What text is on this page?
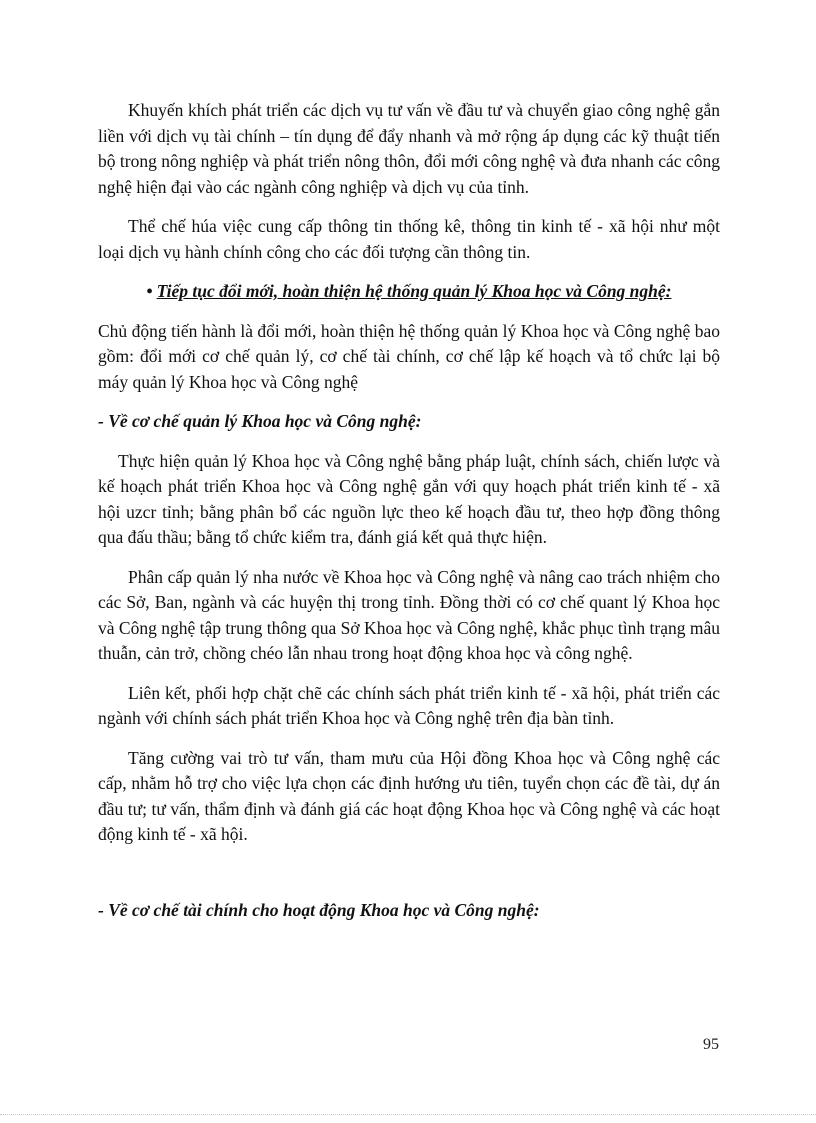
Khuyến khích phát triển các dịch vụ tư vấn về đầu tư và chuyển giao công nghệ gắn liền với dịch vụ tài chính – tín dụng để đẩy nhanh và mở rộng áp dụng các kỹ thuật tiến bộ trong nông nghiệp và phát triển nông thôn, đổi mới công nghệ và đưa nhanh các công nghệ hiện đại vào các ngành công nghiệp và dịch vụ của tỉnh.

Thể chế húa việc cung cấp thông tin thống kê, thông tin kinh tế - xã hội như một loại dịch vụ hành chính công cho các đối tượng cần thông tin.

• Tiếp tục đổi mới, hoàn thiện hệ thống quản lý Khoa học và Công nghệ:

Chủ động tiến hành là đổi mới, hoàn thiện hệ thống quản lý Khoa học và Công nghệ bao gồm: đổi mới cơ chế quản lý, cơ chế tài chính, cơ chế lập kế hoạch và tổ chức lại bộ máy quản lý Khoa học và Công nghệ

- Về cơ chế quản lý Khoa học và Công nghệ:

Thực hiện quản lý Khoa học và Công nghệ bằng pháp luật, chính sách, chiến lược và kế hoạch phát triển Khoa học và Công nghệ gắn với quy hoạch phát triển kinh tế - xã hội uzcr tỉnh; bằng phân bổ các nguồn lực theo kế hoạch đầu tư, theo hợp đồng thông qua đấu thầu; bằng tổ chức kiểm tra, đánh giá kết quả thực hiện.

Phân cấp quản lý nha nước về Khoa học và Công nghệ và nâng cao trách nhiệm cho các Sở, Ban, ngành và các huyện thị trong tỉnh. Đồng thời có cơ chế quant lý Khoa học và Công nghệ tập trung thông qua Sở Khoa học và Công nghệ, khắc phục tình trạng mâu thuẫn, cản trở, chồng chéo lẫn nhau trong hoạt động khoa học và công nghệ.

Liên kết, phối hợp chặt chẽ các chính sách phát triển kinh tế - xã hội, phát triển các ngành với chính sách phát triển Khoa học và Công nghệ trên địa bàn tỉnh.

Tăng cường vai trò tư vấn, tham mưu của Hội đồng Khoa học và Công nghệ các cấp, nhằm hỗ trợ cho việc lựa chọn các định hướng ưu tiên, tuyển chọn các đề tài, dự án đầu tư; tư vấn, thẩm định và đánh giá các hoạt động Khoa học và Công nghệ và các hoạt động kinh tế - xã hội.

- Về cơ chế tài chính cho hoạt động Khoa học và Công nghệ:

95
